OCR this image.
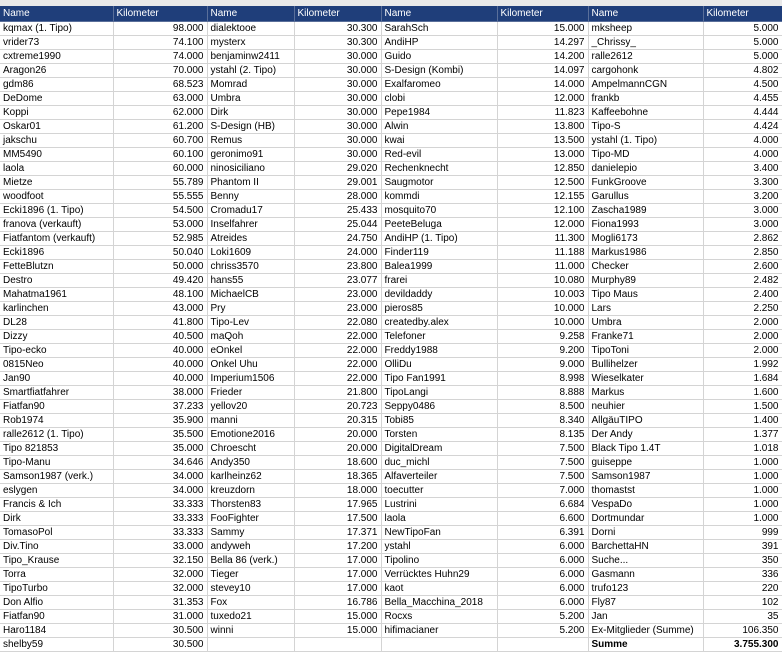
Name	Kilometer	Name	Kilometer	Name	Kilometer	Name	Kilometer
kqmax (1. Tipo)	98.000	dialektooe	30.300	SarahSch	15.000	mksheep	5.000
vrider73	74.100	mysterx	30.300	AndiHP	14.297	_Chrissy_	5.000
cxtreme1990	74.000	benjaminw2411	30.000	Guido	14.200	ralle2612	5.000
Aragon26	70.000	ystahl (2. Tipo)	30.000	S-Design (Kombi)	14.097	cargohonk	4.802
gdm86	68.523	Momrad	30.000	Exalfaromeo	14.000	AmpelmannCGN	4.500
DeDome	63.000	Umbra	30.000	clobi	12.000	frankb	4.455
Koppi	62.000	Dirk	30.000	Pepe1984	11.823	Kaffeebohne	4.444
Oskar01	61.200	S-Design (HB)	30.000	Alwin	13.800	Tipo-S	4.424
jakschu	60.700	Remus	30.000	kwai	13.500	ystahl (1. Tipo)	4.000
MM5490	60.100	geronimo91	30.000	Red-evil	13.000	Tipo-MD	4.000
laola	60.000	ninosiciliano	29.020	Rechenknecht	12.850	danielepio	3.400
Mietze	55.789	Phantom II	29.001	Saugmotor	12.500	FunkGroove	3.300
woodfoot	55.555	Benny	28.000	kommdi	12.155	Garullus	3.200
Ecki1896 (1. Tipo)	54.500	Cromadu17	25.433	mosquito70	12.100	Zascha1989	3.000
franova (verkauft)	53.000	Inselfahrer	25.044	PeeteBeluga	12.000	Fiona1993	3.000
Fiatfantom (verkauft)	52.985	Atreides	24.750	AndiHP (1. Tipo)	11.300	Mogli6173	2.862
Ecki1896	50.040	Loki1609	24.000	Finder119	11.188	Markus1986	2.850
FetteBlutzn	50.000	chriss3570	23.800	Balea1999	11.000	Checker	2.600
Destro	49.420	hans55	23.077	frarei	10.080	Murphy89	2.482
Mahatma1961	48.100	MichaelCB	23.000	devildaddy	10.003	Tipo Maus	2.400
karlinchen	43.000	Pry	23.000	pieros85	10.000	Lars	2.250
DL28	41.800	Tipo-Lev	22.080	createdby.alex	10.000	Umbra	2.000
Dizzy	40.500	maQoh	22.000	Telefoner	9.258	Franke71	2.000
Tipo-ecko	40.000	eOnkel	22.000	Freddy1988	9.200	TipoToni	2.000
0815Neo	40.000	Onkel Uhu	22.000	OlliDu	9.000	Bullihelzer	1.992
Jan90	40.000	Imperium1506	22.000	Tipo Fan1991	8.998	Wieselkater	1.684
Smartfiatfahrer	38.000	Frieder	21.800	TipoLangi	8.888	Markus	1.600
Fiatfan90	37.233	yellov20	20.723	Seppy0486	8.500	neuhier	1.500
Rob1974	35.900	manni	20.315	Tobi85	8.340	AllgäuTIPO	1.400
ralle2612 (1. Tipo)	35.500	Emotione2016	20.000	Torsten	8.135	Der Andy	1.377
Tipo 821853	35.000	Chroescht	20.000	DigitalDream	7.500	Black Tipo 1.4T	1.018
Tipo-Manu	34.646	Andy350	18.600	duc_michl	7.500	guiseppe	1.000
Samson1987 (verk.)	34.000	karlheinz62	18.365	Alfaverteiler	7.500	Samson1987	1.000
eslygen	34.000	kreuzdorn	18.000	toecutter	7.000	thomastst	1.000
Francis & Ich	33.333	Thorsten83	17.965	Lustrini	6.684	VespaDo	1.000
Dirk	33.333	FooFighter	17.500	laola	6.600	Dortmundar	1.000
TomasoPol	33.333	Sammy	17.371	NewTipoFan	6.391	Dorni	999
Div.Tino	33.000	andyweh	17.200	ystahl	6.000	BarchettaHN	391
Tipo_Krause	32.150	Bella 86 (verk.)	17.000	Tipolino	6.000	Suche...	350
Torra	32.000	Tieger	17.000	Verrücktes Huhn29	6.000	Gasmann	336
TipoTurbo	32.000	stevey10	17.000	kaot	6.000	trufo123	220
Don Alfio	31.353	Fox	16.786	Bella_Macchina_2018	6.000	Fly87	102
Fiatfan90	31.000	tuxedo21	15.000	Rocxs	5.200	Jan	35
Haro1184	30.500	winni	15.000	hifimacianer	5.200	Ex-Mitglieder (Summe)	106.350
shelby59	30.500					Summe	3.755.300
